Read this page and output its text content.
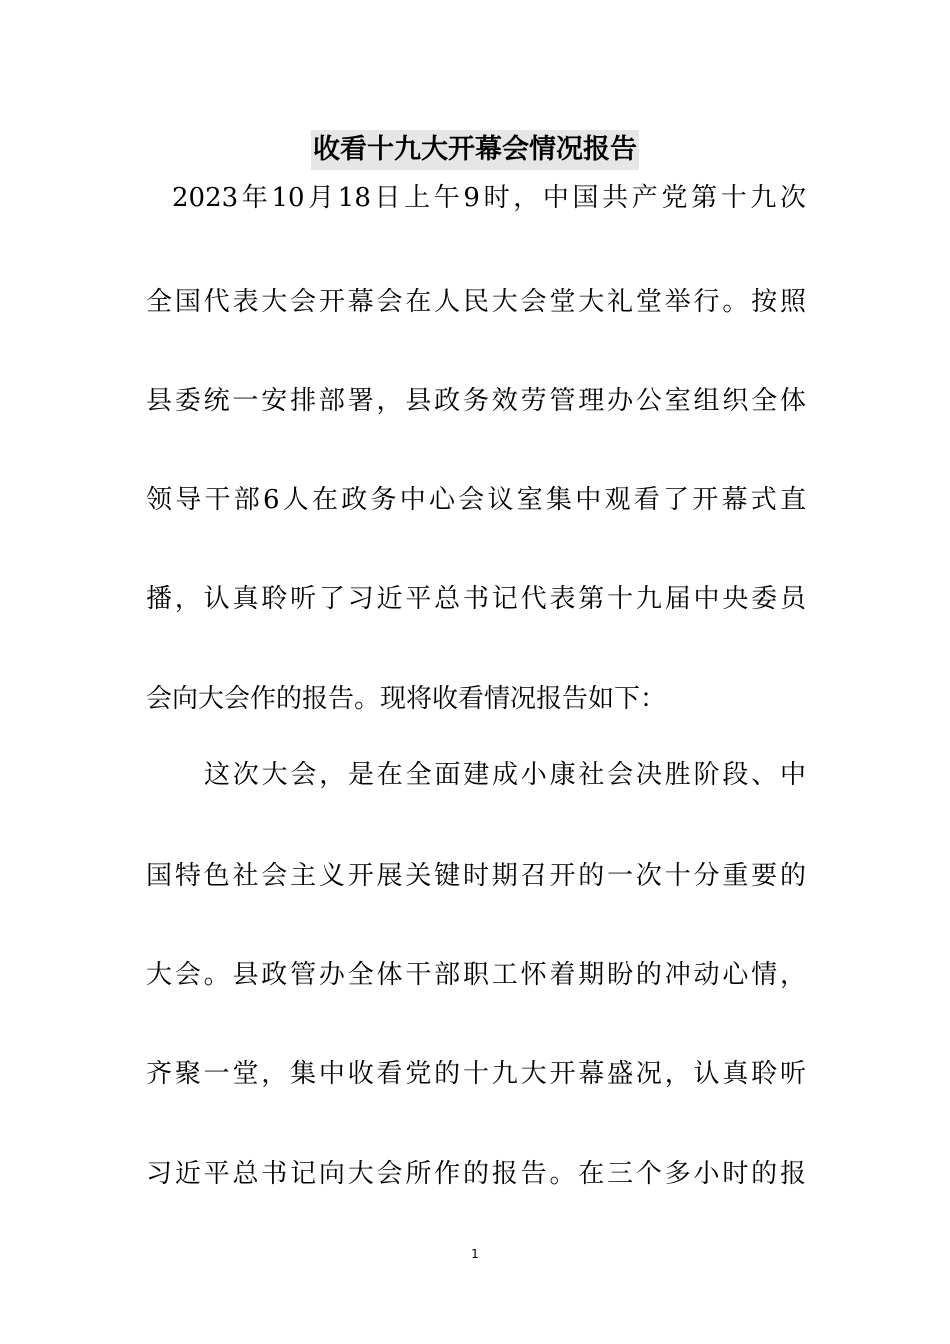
收看十九大开幕会情况报告
2023年10月18日上午9时，中国共产党第十九次
全国代表大会开幕会在人民大会堂大礼堂举行。按照
县委统一安排部署，县政务效劳管理办公室组织全体
领导干部6人在政务中心会议室集中观看了开幕式直
播，认真聆听了习近平总书记代表第十九届中央委员
会向大会作的报告。现将收看情况报告如下：
这次大会，是在全面建成小康社会决胜阶段、中
国特色社会主义开展关键时期召开的一次十分重要的
大会。县政管办全体干部职工怀着期盼的冲动心情，
齐聚一堂，集中收看党的十九大开幕盛况，认真聆听
习近平总书记向大会所作的报告。在三个多小时的报
1
